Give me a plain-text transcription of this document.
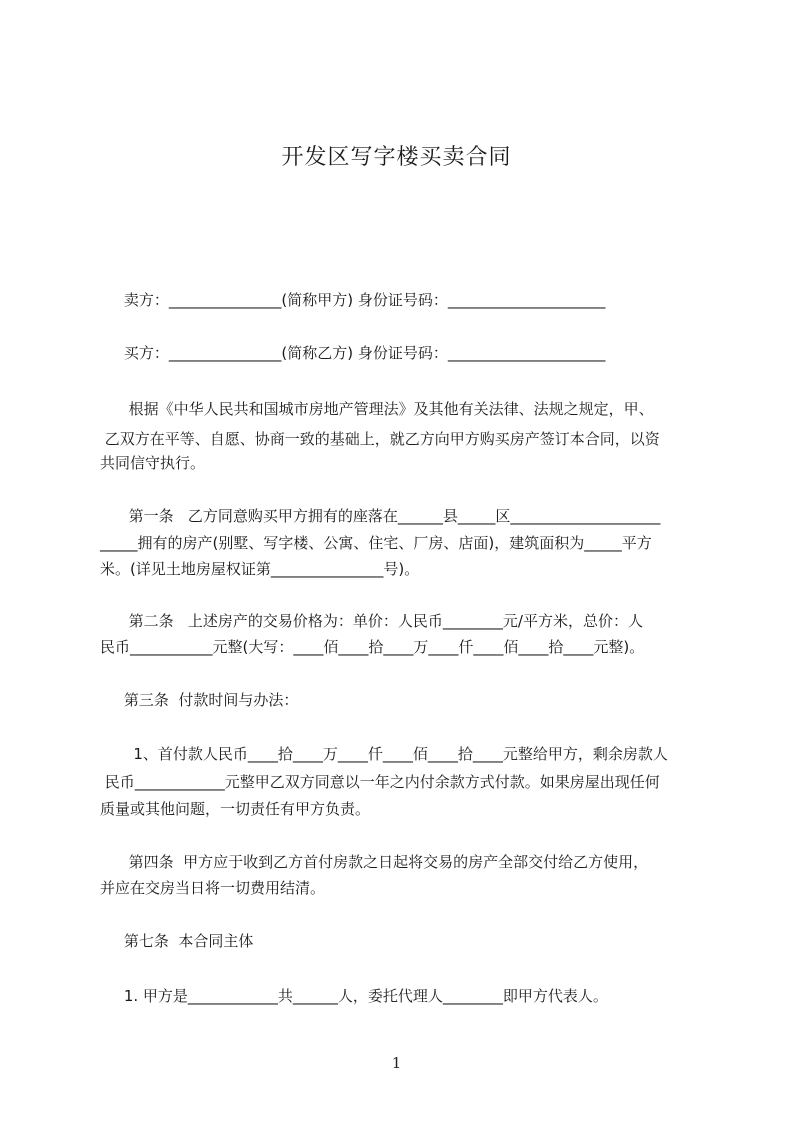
开发区写字楼买卖合同
卖方：_______________(简称甲方) 身份证号码：_____________________
买方：_______________(简称乙方) 身份证号码：_____________________
根据《中华人民共和国城市房地产管理法》及其他有关法律、法规之规定，甲、
乙双方在平等、自愿、协商一致的基础上，就乙方向甲方购买房产签订本合同，以资
共同信守执行。
第一条   乙方同意购买甲方拥有的座落在______县_____区____________________
_____拥有的房产(别墅、写字楼、公寓、住宅、厂房、店面)，建筑面积为_____平方
米。(详见土地房屋权证第_______________号)。
第二条   上述房产的交易价格为：单价：人民币________元/平方米，总价：人
民币___________元整(大写：____佰____拾____万____仟____佰____拾____元整)。
第三条  付款时间与办法：
1、首付款人民币____拾____万____仟____佰____拾____元整给甲方，剩余房款人
民币____________元整甲乙双方同意以一年之内付余款方式付款。如果房屋出现任何
质量或其他问题，一切责任有甲方负责。
第四条  甲方应于收到乙方首付房款之日起将交易的房产全部交付给乙方使用，
并应在交房当日将一切费用结清。
第七条  本合同主体
1. 甲方是____________共______人，委托代理人________即甲方代表人。
1
